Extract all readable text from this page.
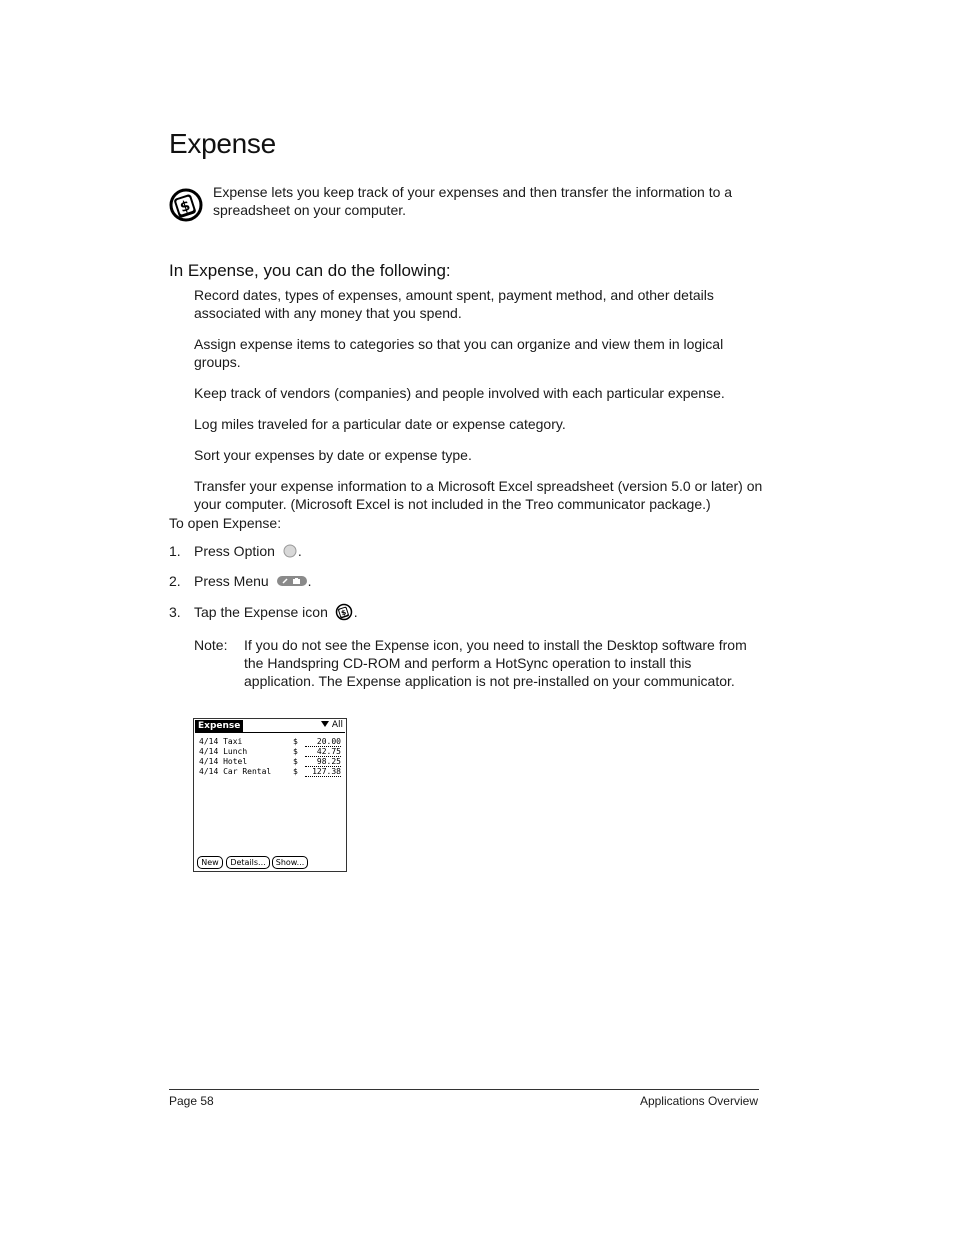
Expense
$

Expense lets you keep track of your expenses and then transfer the information to a spreadsheet on your computer.

In Expense, you can do the following:

Record dates, types of expenses, amount spent, payment method, and other details associated with any money that you spend.

Assign expense items to categories so that you can organize and view them in logical groups.

Keep track of vendors (companies) and people involved with each particular expense.

Log miles traveled for a particular date or expense category.

Sort your expenses by date or expense type.

Transfer your expense information to a Microsoft Excel spreadsheet (version 5.0 or later) on your computer. (Microsoft Excel is not included in the Treo communicator package.)

To open Expense:
1. Press Option .
2. Press Menu	.
3. Tap the Expense icon $ .
Note: If you do not see the Expense icon, you need to install the Desktop software from the Handspring CD-ROM and perform a HotSync operation to install this application. The Expense application is not pre-installed on your communicator.
Expense	All
4/14 Taxi	$	20.00
4/14 Lunch	$	42.75
4/14 Hotel	$	98.25
4/14 Car Rental	$	127.38
New	Details...	Show...
Page 58	Applications Overview
